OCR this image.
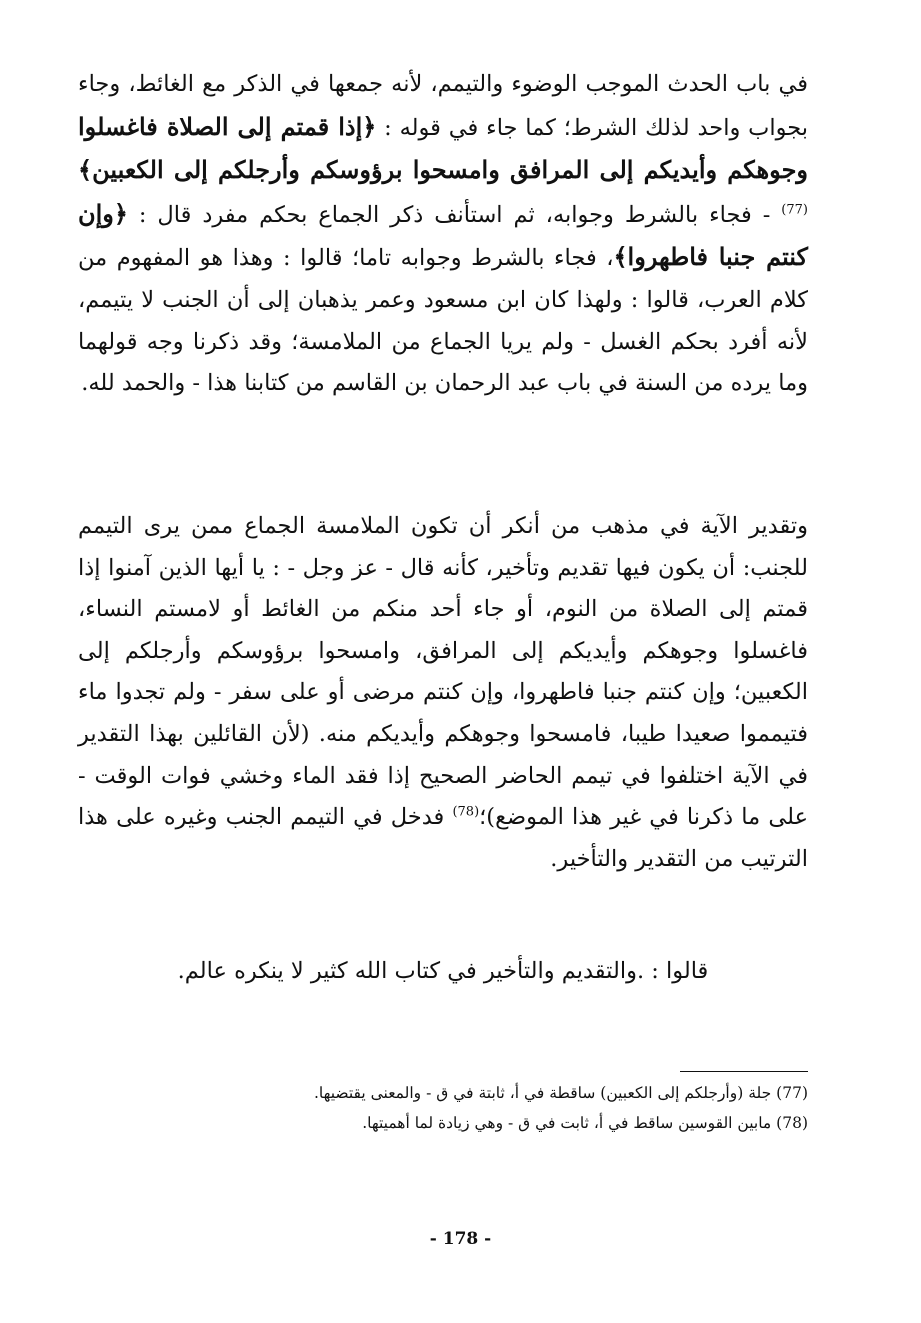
في باب الحدث الموجب الوضوء والتيمم، لأنه جمعها في الذكر مع الغائط، وجاء بجواب واحد لذلك الشرط؛ كما جاء في قوله : ﴿إذا قمتم إلى الصلاة فاغسلوا وجوهكم وأيديكم إلى المرافق وامسحوا برؤوسكم وأرجلكم إلى الكعبين﴾$^{(77)}$ - فجاء بالشرط وجوابه، ثم استأنف ذكر الجماع بحكم مفرد قال : ﴿وإن كنتم جنبا فاطهروا﴾، فجاء بالشرط وجوابه تاما؛ قالوا : وهذا هو المفهوم من كلام العرب، قالوا : ولهذا كان ابن مسعود وعمر يذهبان إلى أن الجنب لا يتيمم، لأنه أفرد بحكم الغسل - ولم يريا الجماع من الملامسة؛ وقد ذكرنا وجه قولهما وما يرده من السنة في باب عبد الرحمان بن القاسم من كتابنا هذا - والحمد لله.

وتقدير الآية في مذهب من أنكر أن تكون الملامسة الجماع ممن يرى التيمم للجنب: أن يكون فيها تقديم وتأخير، كأنه قال - عز وجل - : يا أيها الذين آمنوا إذا قمتم إلى الصلاة من النوم، أو جاء أحد منكم من الغائط أو لامستم النساء، فاغسلوا وجوهكم وأيديكم إلى المرافق، وامسحوا برؤوسكم وأرجلكم إلى الكعبين؛ وإن كنتم جنبا فاطهروا، وإن كنتم مرضى أو على سفر - ولم تجدوا ماء فتيمموا صعيدا طيبا، فامسحوا وجوهكم وأيديكم منه. (لأن القائلين بهذا التقدير في الآية اختلفوا في تيمم الحاضر الصحيح إذا فقد الماء وخشي فوات الوقت - على ما ذكرنا في غير هذا الموضع)؛$^{(78)}$ فدخل في التيمم الجنب وغيره على هذا الترتيب من التقدير والتأخير.

قالوا : .والتقديم والتأخير في كتاب الله كثير لا ينكره عالم.

(77) جلة (وأرجلكم إلى الكعبين) ساقطة في أ، ثابتة في ق - والمعنى يقتضيها.

(78) مابين القوسين ساقط في أ، ثابت في ق - وهي زيادة لما أهميتها.

- 178 -
